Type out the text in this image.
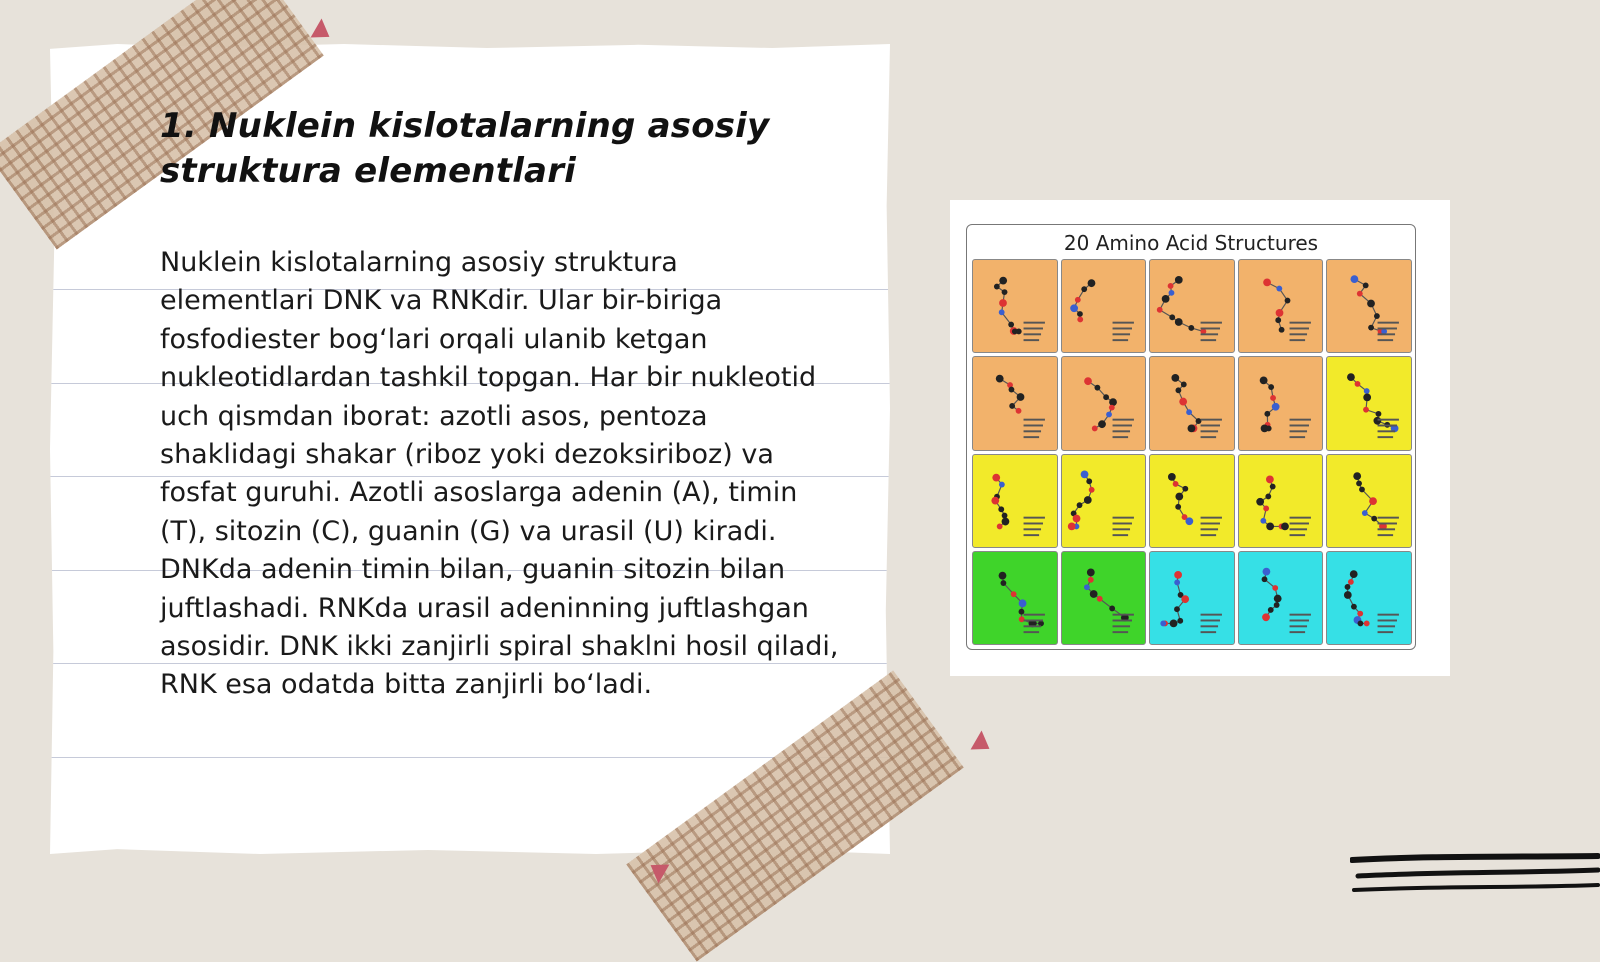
1. Nuklein kislotalarning asosiy struktura elementlari

Nuklein kislotalarning asosiy struktura elementlari DNK va RNKdir. Ular bir-biriga fosfodiester bog‘lari orqali ulanib ketgan nukleotidlardan tashkil topgan. Har bir nukleotid uch qismdan iborat: azotli asos, pentoza shaklidagi shakar (riboz yoki dezoksiriboz) va fosfat guruhi. Azotli asoslarga adenin (A), timin (T), sitozin (C), guanin (G) va urasil (U) kiradi. DNKda adenin timin bilan, guanin sitozin bilan juftlashadi. RNKda urasil adeninning juftlashgan asosidir. DNK ikki zanjirli spiral shaklni hosil qiladi, RNK esa odatda bitta zanjirli bo‘ladi.

20 Amino Acid Structures
